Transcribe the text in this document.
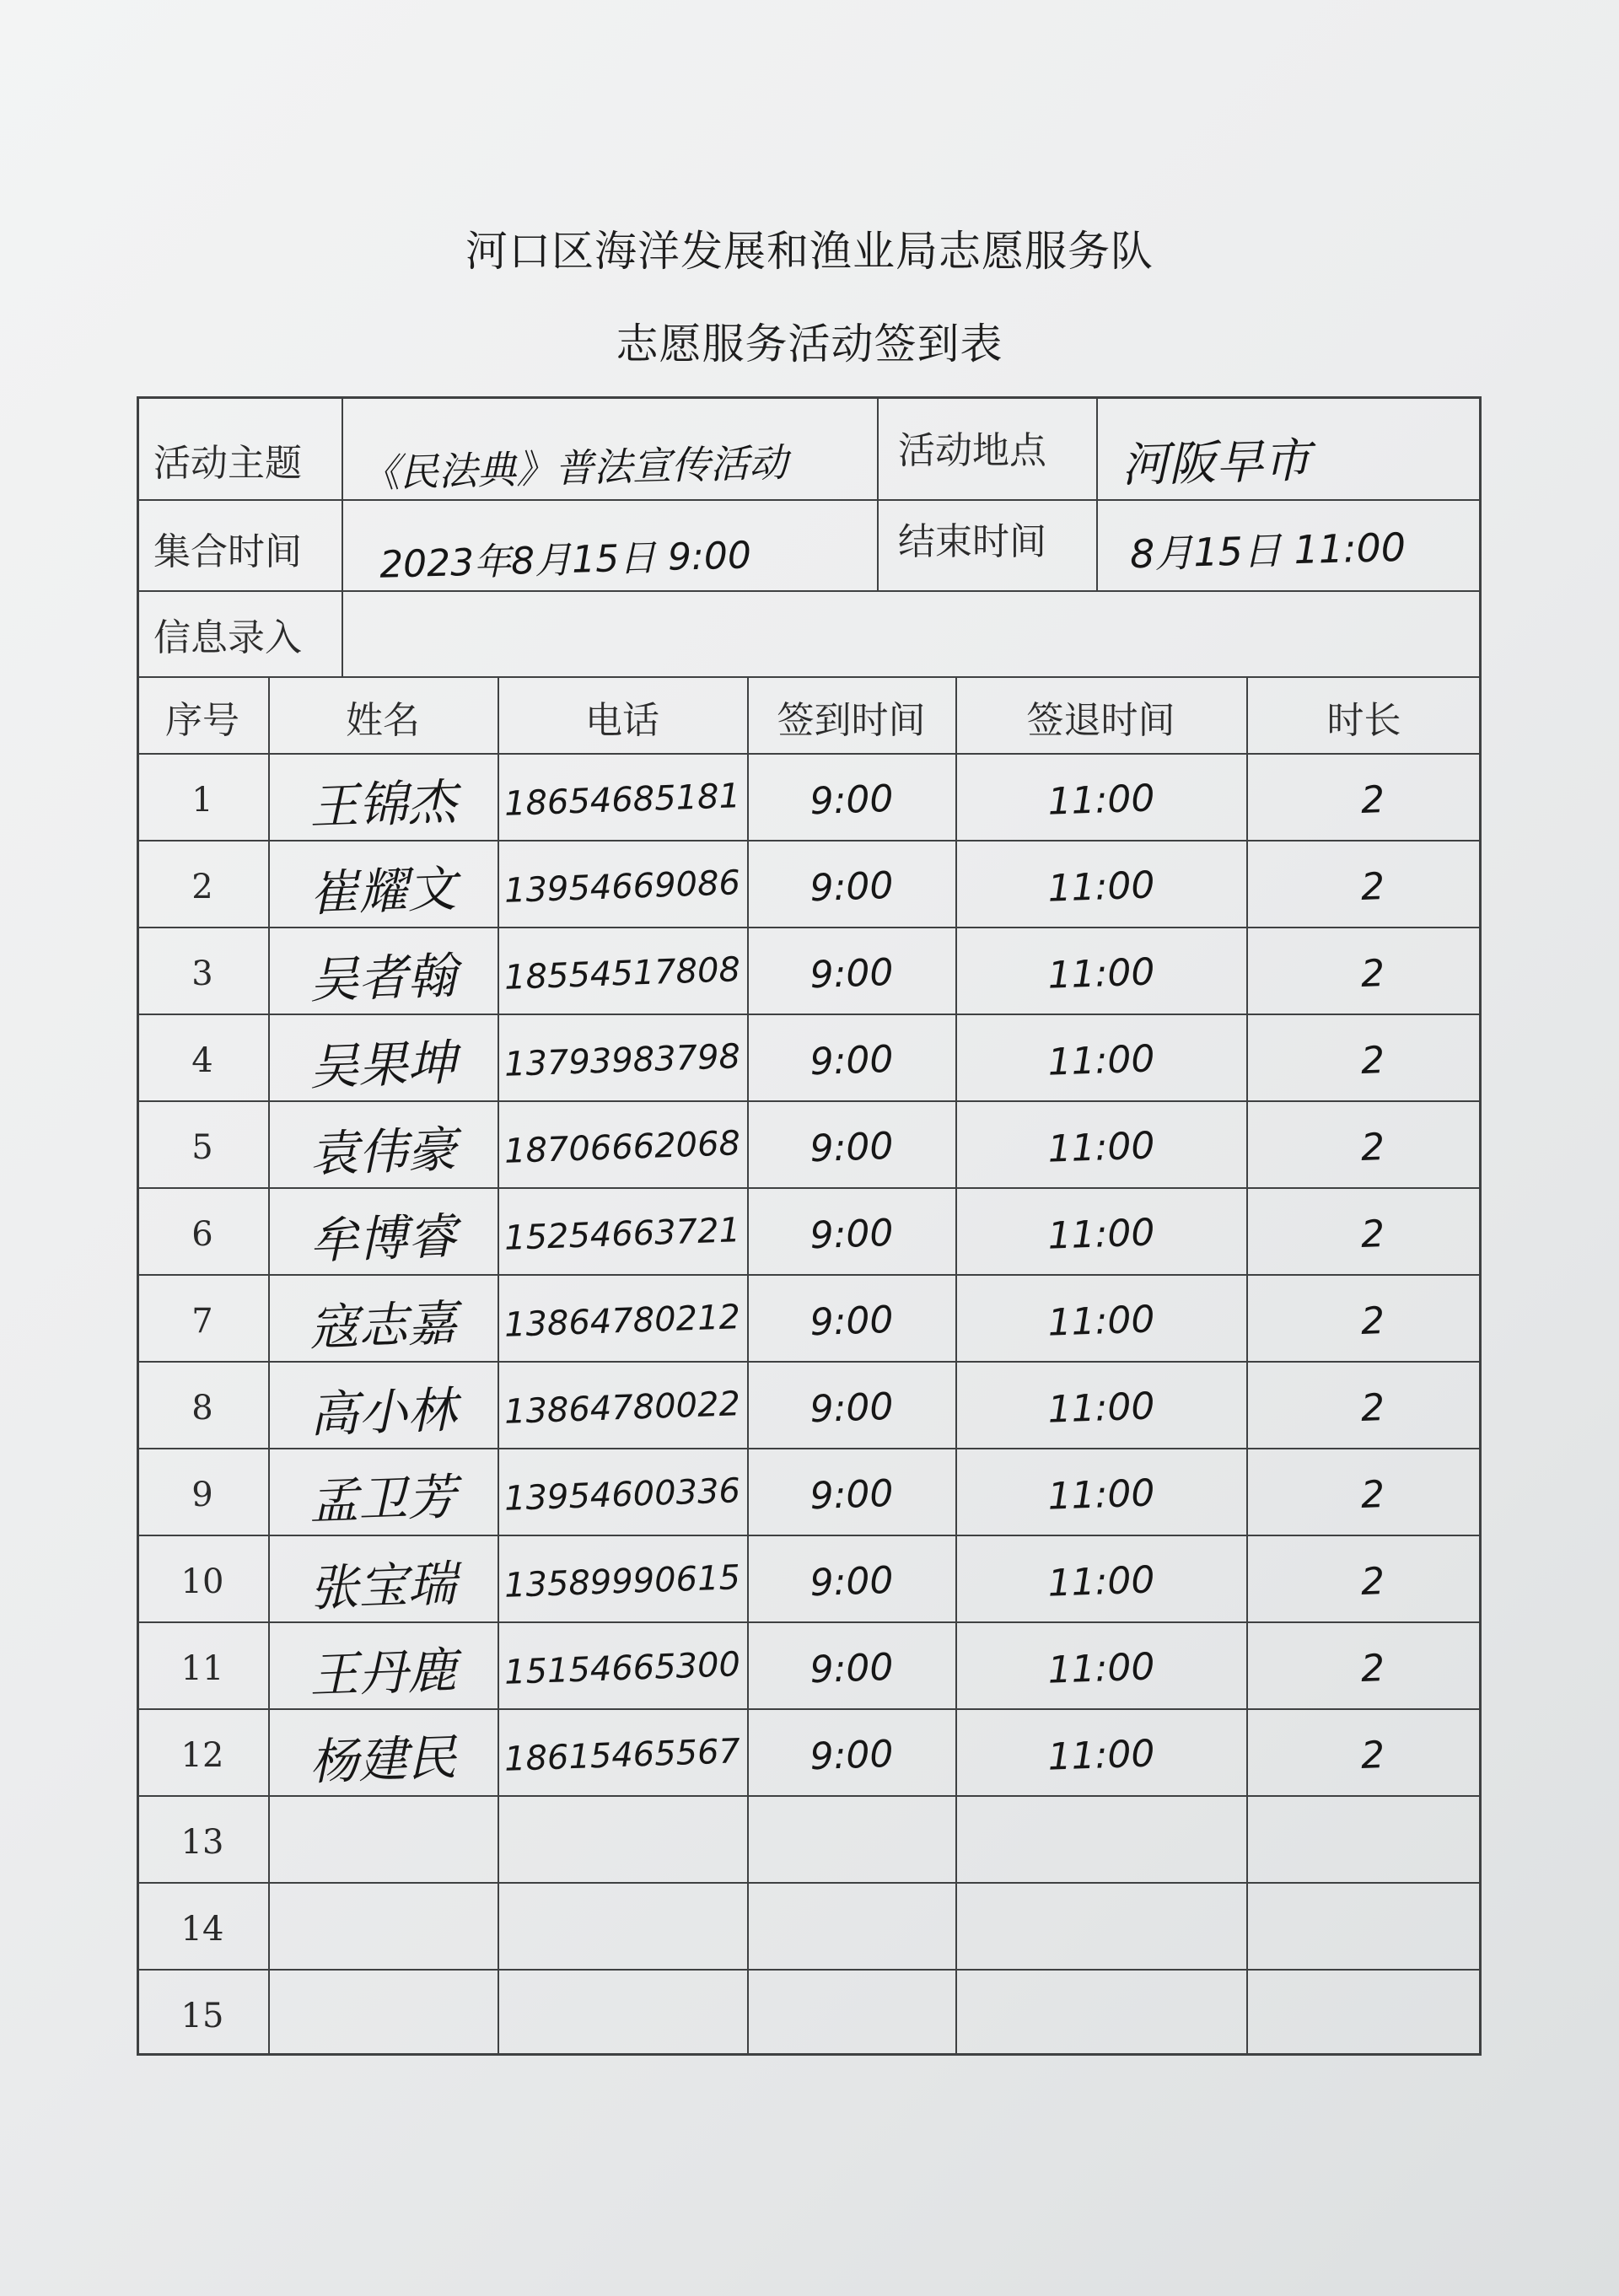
河口区海洋发展和渔业局志愿服务队
志愿服务活动签到表
活动主题 《民法典》普法宣传活动	活动地点 河阪早市
集合时间 2023年8月15日 9:00	结束时间 8月15日 11:00
信息录入
序号	姓名	电话	签到时间	签退时间	时长
1 王锦杰 18654685181 9:00	11:00	2
2 崔耀文 13954669086 9:00	11:00	2
3 吴者翰 18554517808 9:00	11:00	2
4 吴果坤 13793983798 9:00	11:00	2
5 袁伟豪 18706662068 9:00	11:00	2
6 牟博睿 15254663721 9:00	11:00	2
7 寇志嘉 13864780212 9:00	11:00	2
8 高小林 13864780022 9:00	11:00	2
9 孟卫芳 13954600336 9:00	11:00	2
10 张宝瑞 13589990615 9:00	11:00	2
11 王丹鹿 15154665300 9:00	11:00	2
12 杨建民 18615465567 9:00	11:00	2
13
14
15
